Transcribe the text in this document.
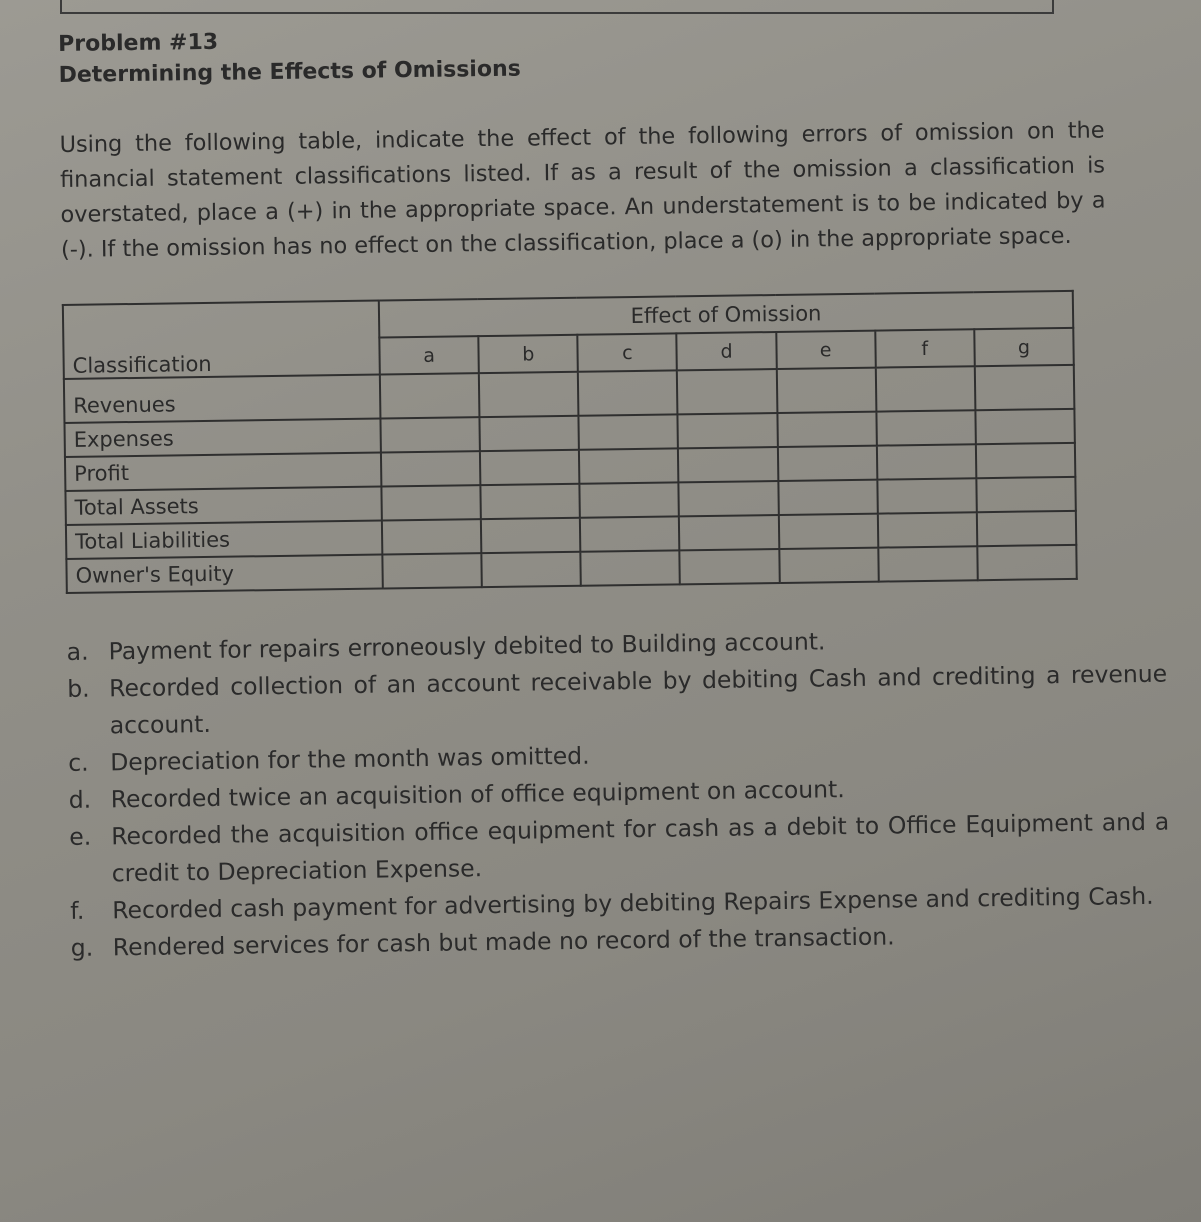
Problem #13
Determining the Effects of Omissions

Using the following table, indicate the effect of the following errors of omission on the financial statement classifications listed. If as a result of the omission a classification is overstated, place a (+) in the appropriate space. An understatement is to be indicated by a (-). If the omission has no effect on the classification, place a (o) in the appropriate space.

Classification	Effect of Omission						
	a	b	c	d	e	f	g
Revenues							
Expenses							
Profit							
Total Assets							
Total Liabilities							
Owner's Equity							
a. Payment for repairs erroneously debited to Building account.
b. Recorded collection of an account receivable by debiting Cash and crediting a revenue account.
c. Depreciation for the month was omitted.
d. Recorded twice an acquisition of office equipment on account.
e. Recorded the acquisition office equipment for cash as a debit to Office Equipment and a credit to Depreciation Expense.
f.	Recorded cash payment for advertising by debiting Repairs Expense and crediting Cash.
g. Rendered services for cash but made no record of the transaction.
